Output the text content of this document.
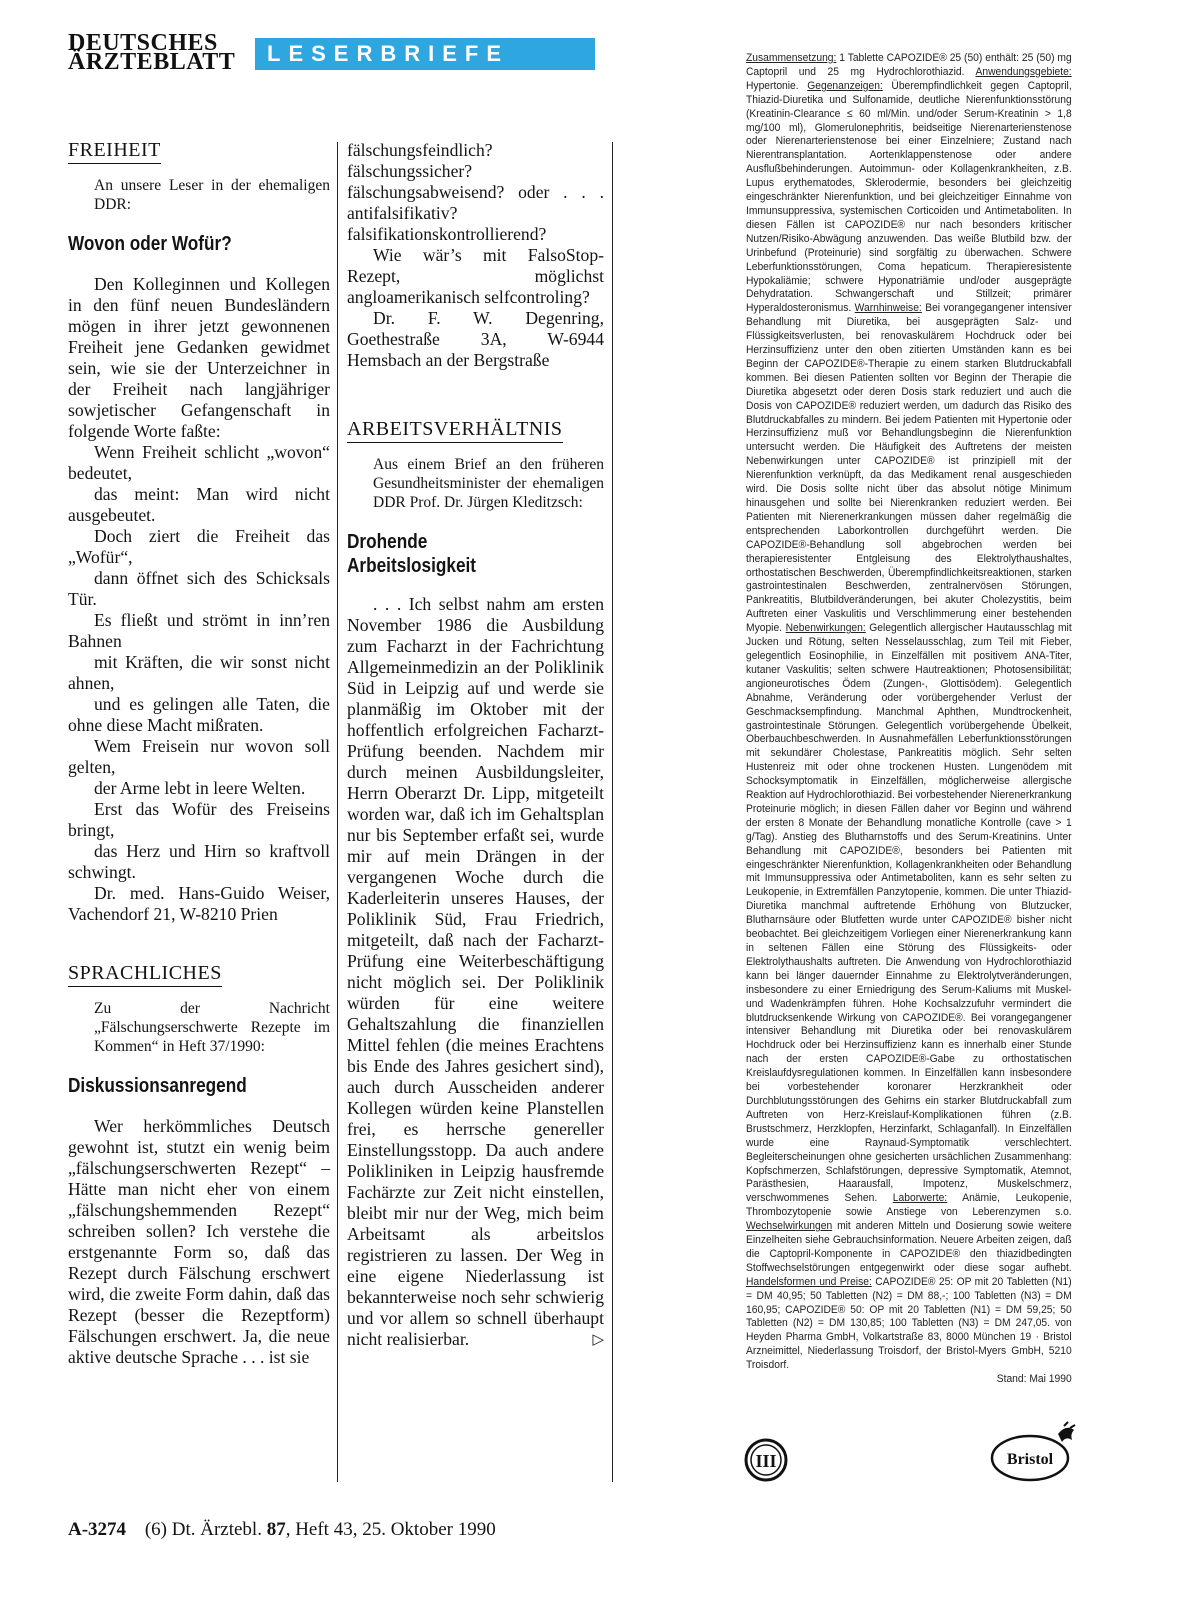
DEUTSCHES
ÄRZTEBLATT	LESERBRIEFE
FREIHEIT

An unsere Leser in der ehemaligen DDR:

Wovon oder Wofür?

Den Kolleginnen und Kollegen in den fünf neuen Bundesländern mögen in ihrer jetzt gewonnenen Freiheit jene Gedanken gewidmet sein, wie sie der Unterzeichner in der Freiheit nach langjähriger sowjetischer Gefangenschaft in folgende Worte faßte:

Wenn Freiheit schlicht „wovon“ bedeutet,

das meint: Man wird nicht ausgebeutet.

Doch ziert die Freiheit das „Wofür“,

dann öffnet sich des Schicksals Tür.

Es fließt und strömt in inn’ren Bahnen

mit Kräften, die wir sonst nicht ahnen,

und es gelingen alle Taten, die ohne diese Macht mißraten.

Wem Freisein nur wovon soll gelten,

der Arme lebt in leere Welten.

Erst das Wofür des Freiseins bringt,

das Herz und Hirn so kraftvoll schwingt.

Dr. med. Hans-Guido Weiser, Vachendorf 21, W-8210 Prien

SPRACHLICHES

Zu der Nachricht „Fälschungserschwerte Rezepte im Kommen“ in Heft 37/1990:

Diskussionsanregend

Wer herkömmliches Deutsch gewohnt ist, stutzt ein wenig beim „fälschungserschwerten Rezept“ – Hätte man nicht eher von einem „fälschungshemmenden Rezept“ schreiben sollen? Ich verstehe die erstgenannte Form so, daß das Rezept durch Fälschung erschwert wird, die zweite Form dahin, daß das Rezept (besser die Rezeptform) Fälschungen erschwert. Ja, die neue aktive deutsche Sprache . . . ist sie

fälschungsfeindlich? fälschungssicher? fälschungsabweisend? oder . . . antifalsifikativ? falsifikationskontrollierend?

Wie wär’s mit FalsoStop-Rezept, möglichst angloamerikanisch selfcontroling?

Dr. F. W. Degenring, Goethestraße 3A, W-6944 Hemsbach an der Bergstraße

ARBEITSVERHÄLTNIS

Aus einem Brief an den früheren Gesundheitsminister der ehemaligen DDR Prof. Dr. Jürgen Kleditzsch:

Drohende
Arbeitslosigkeit

. . . Ich selbst nahm am ersten November 1986 die Ausbildung zum Facharzt in der Fachrichtung Allgemeinmedizin an der Poliklinik Süd in Leipzig auf und werde sie planmäßig im Oktober mit der hoffentlich erfolgreichen Facharzt-Prüfung beenden. Nachdem mir durch meinen Ausbildungsleiter, Herrn Oberarzt Dr. Lipp, mitgeteilt worden war, daß ich im Gehaltsplan nur bis September erfaßt sei, wurde mir auf mein Drängen in der vergangenen Woche durch die Kaderleiterin unseres Hauses, der Poliklinik Süd, Frau Friedrich, mitgeteilt, daß nach der Facharzt-Prüfung eine Weiterbeschäftigung nicht möglich sei. Der Poliklinik würden für eine weitere Gehaltszahlung die finanziellen Mittel fehlen (die meines Erachtens bis Ende des Jahres gesichert sind), auch durch Ausscheiden anderer Kollegen würden keine Planstellen frei, es herrsche genereller Einstellungsstopp. Da auch andere Polikliniken in Leipzig hausfremde Fachärzte zur Zeit nicht einstellen, bleibt mir nur der Weg, mich beim Arbeitsamt als arbeitslos registrieren zu lassen. Der Weg in eine eigene Niederlassung ist bekannterweise noch sehr schwierig und vor allem so schnell überhaupt nicht realisierbar.	▷

Zusammensetzung: 1 Tablette CAPOZIDE® 25 (50) enthält: 25 (50) mg Captopril und 25 mg Hydrochlorothiazid. Anwendungsgebiete: Hypertonie. Gegenanzeigen: Überempfindlichkeit gegen Captopril, Thiazid-Diuretika und Sulfonamide, deutliche Nierenfunktionsstörung (Kreatinin-Clearance ≤ 60 ml/Min. und/oder Serum-Kreatinin > 1,8 mg/100 ml), Glomerulonephritis, beidseitige Nierenarterienstenose oder Nierenarterienstenose bei einer Einzelniere; Zustand nach Nierentransplantation. Aortenklappenstenose oder andere Ausflußbehinderungen. Autoimmun- oder Kollagenkrankheiten, z.B. Lupus erythematodes, Sklerodermie, besonders bei gleichzeitig eingeschränkter Nierenfunktion, und bei gleichzeitiger Einnahme von Immunsuppressiva, systemischen Corticoiden und Antimetaboliten. In diesen Fällen ist CAPOZIDE® nur nach besonders kritischer Nutzen/Risiko-Abwägung anzuwenden. Das weiße Blutbild bzw. der Urinbefund (Proteinurie) sind sorgfältig zu überwachen. Schwere Leberfunktionsstörungen, Coma hepaticum. Therapieresistente Hypokaliämie; schwere Hyponatriämie und/oder ausgeprägte Dehydratation. Schwangerschaft und Stillzeit; primärer Hyperaldosteronismus. Warnhinweise: Bei vorangegangener intensiver Behandlung mit Diuretika, bei ausgeprägten Salz- und Flüssigkeitsverlusten, bei renovaskulärem Hochdruck oder bei Herzinsuffizienz unter den oben zitierten Umständen kann es bei Beginn der CAPOZIDE®-Therapie zu einem starken Blutdruckabfall kommen. Bei diesen Patienten sollten vor Beginn der Therapie die Diuretika abgesetzt oder deren Dosis stark reduziert und auch die Dosis von CAPOZIDE® reduziert werden, um dadurch das Risiko des Blutdruckabfalles zu mindern. Bei jedem Patienten mit Hypertonie oder Herzinsuffizienz muß vor Behandlungsbeginn die Nierenfunktion untersucht werden. Die Häufigkeit des Auftretens der meisten Nebenwirkungen unter CAPOZIDE® ist prinzipiell mit der Nierenfunktion verknüpft, da das Medikament renal ausgeschieden wird. Die Dosis sollte nicht über das absolut nötige Minimum hinausgehen und sollte bei Nierenkranken reduziert werden. Bei Patienten mit Nierenerkrankungen müssen daher regelmäßig die entsprechenden Laborkontrollen durchgeführt werden. Die CAPOZIDE®-Behandlung soll abgebrochen werden bei therapieresistenter Entgleisung des Elektrolythaushaltes, orthostatischen Beschwerden, Überempfindlichkeitsreaktionen, starken gastrointestinalen Beschwerden, zentralnervösen Störungen, Pankreatitis, Blutbildveränderungen, bei akuter Cholezystitis, beim Auftreten einer Vaskulitis und Verschlimmerung einer bestehenden Myopie. Nebenwirkungen: Gelegentlich allergischer Hautausschlag mit Jucken und Rötung, selten Nesselausschlag, zum Teil mit Fieber, gelegentlich Eosinophilie, in Einzelfällen mit positivem ANA-Titer, kutaner Vaskulitis; selten schwere Hautreaktionen; Photosensibilität; angioneurotisches Ödem (Zungen-, Glottisödem). Gelegentlich Abnahme, Veränderung oder vorübergehender Verlust der Geschmacksempfindung. Manchmal Aphthen, Mundtrockenheit, gastrointestinale Störungen. Gelegentlich vorübergehende Übelkeit, Oberbauchbeschwerden. In Ausnahmefällen Leberfunktionsstörungen mit sekundärer Cholestase, Pankreatitis möglich. Sehr selten Hustenreiz mit oder ohne trockenen Husten. Lungenödem mit Schocksymptomatik in Einzelfällen, möglicherweise allergische Reaktion auf Hydrochlorothiazid. Bei vorbestehender Nierenerkrankung Proteinurie möglich; in diesen Fällen daher vor Beginn und während der ersten 8 Monate der Behandlung monatliche Kontrolle (cave > 1 g/Tag). Anstieg des Blutharnstoffs und des Serum-Kreatinins. Unter Behandlung mit CAPOZIDE®, besonders bei Patienten mit eingeschränkter Nierenfunktion, Kollagenkrankheiten oder Behandlung mit Immunsuppressiva oder Antimetaboliten, kann es sehr selten zu Leukopenie, in Extremfällen Panzytopenie, kommen. Die unter Thiazid-Diuretika manchmal auftretende Erhöhung von Blutzucker, Blutharnsäure oder Blutfetten wurde unter CAPOZIDE® bisher nicht beobachtet. Bei gleichzeitigem Vorliegen einer Nierenerkrankung kann in seltenen Fällen eine Störung des Flüssigkeits- oder Elektrolythaushalts auftreten. Die Anwendung von Hydrochlorothiazid kann bei länger dauernder Einnahme zu Elektrolytveränderungen, insbesondere zu einer Erniedrigung des Serum-Kaliums mit Muskel- und Wadenkrämpfen führen. Hohe Kochsalzzufuhr vermindert die blutdrucksenkende Wirkung von CAPOZIDE®. Bei vorangegangener intensiver Behandlung mit Diuretika oder bei renovaskulärem Hochdruck oder bei Herzinsuffizienz kann es innerhalb einer Stunde nach der ersten CAPOZIDE®-Gabe zu orthostatischen Kreislaufdysregulationen kommen. In Einzelfällen kann insbesondere bei vorbestehender koronarer Herzkrankheit oder Durchblutungsstörungen des Gehirns ein starker Blutdruckabfall zum Auftreten von Herz-Kreislauf-Komplikationen führen (z.B. Brustschmerz, Herzklopfen, Herzinfarkt, Schlaganfall). In Einzelfällen wurde eine Raynaud-Symptomatik verschlechtert. Begleiterscheinungen ohne gesicherten ursächlichen Zusammenhang: Kopfschmerzen, Schlafstörungen, depressive Symptomatik, Atemnot, Parästhesien, Haarausfall, Impotenz, Muskelschmerz, verschwommenes Sehen. Laborwerte: Anämie, Leukopenie, Thrombozytopenie sowie Anstiege von Leberenzymen s.o. Wechselwirkungen mit anderen Mitteln und Dosierung sowie weitere Einzelheiten siehe Gebrauchsinformation. Neuere Arbeiten zeigen, daß die Captopril-Komponente in CAPOZIDE® den thiazidbedingten Stoffwechselstörungen entgegenwirkt oder diese sogar aufhebt. Handelsformen und Preise: CAPOZIDE® 25: OP mit 20 Tabletten (N1) = DM 40,95; 50 Tabletten (N2) = DM 88,-; 100 Tabletten (N3) = DM 160,95; CAPOZIDE® 50: OP mit 20 Tabletten (N1) = DM 59,25; 50 Tabletten (N2) = DM 130,85; 100 Tabletten (N3) = DM 247,05. von Heyden Pharma GmbH, Volkartstraße 83, 8000 München 19 · Bristol Arzneimittel, Niederlassung Troisdorf, der Bristol-Myers GmbH, 5210 Troisdorf.
Stand: Mai 1990
III	Bristol
A-3274 (6) Dt. Ärztebl. 87, Heft 43, 25. Oktober 1990
